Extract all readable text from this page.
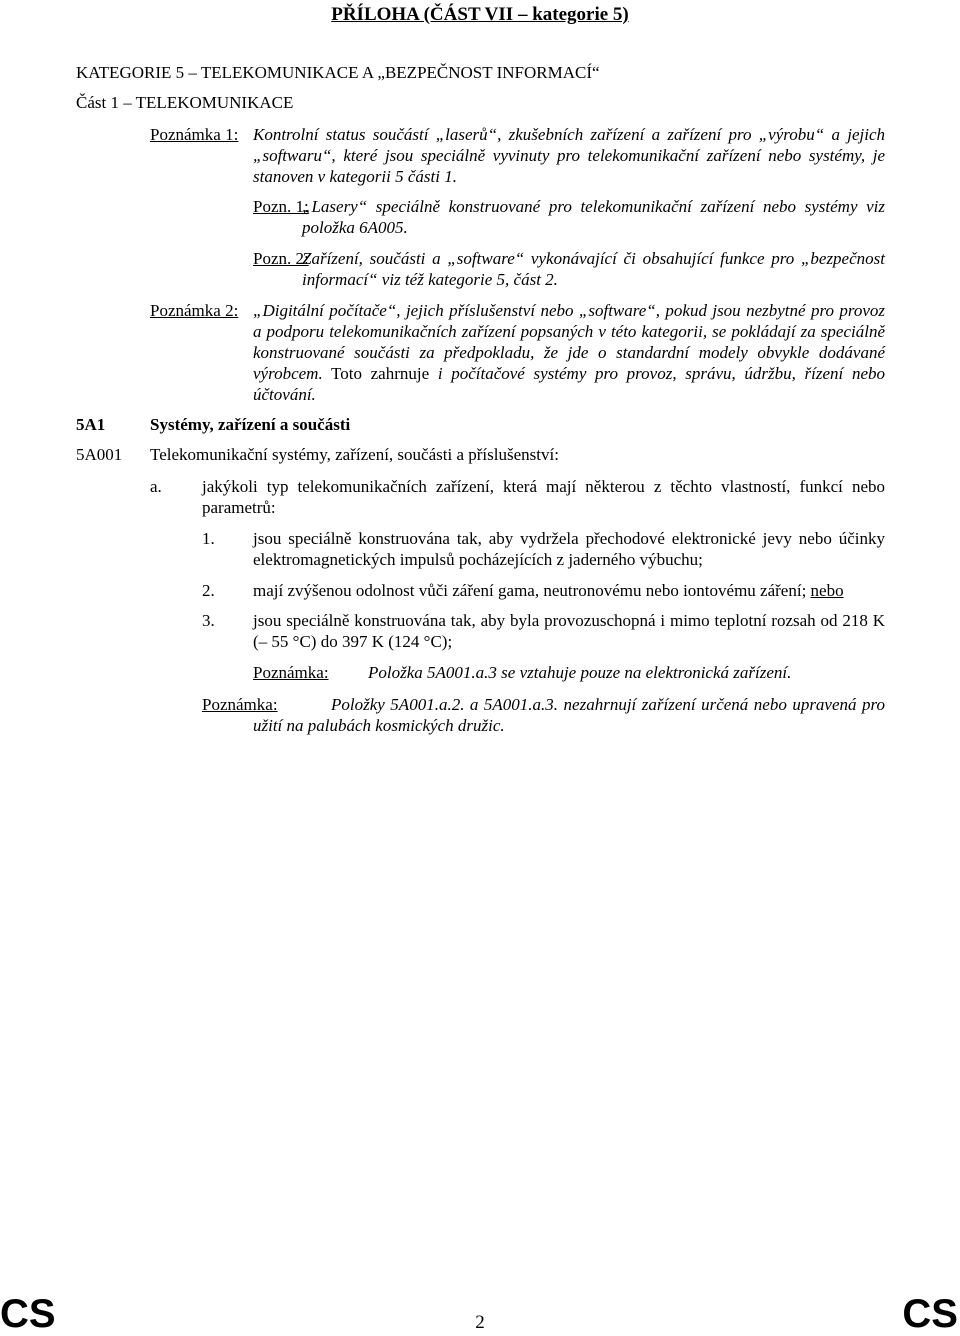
PŘÍLOHA (ČÁST VII – kategorie 5)
KATEGORIE 5 – TELEKOMUNIKACE A „BEZPEČNOST INFORMACÍ“
Část 1 – TELEKOMUNIKACE
Poznámka 1: Kontrolní status součástí „laserů“, zkušebních zařízení a zařízení pro „výrobu“ a jejich „softwaru“, které jsou speciálně vyvinuty pro telekomunikační zařízení nebo systémy, je stanoven v kategorii 5 části 1.
Pozn. 1:
„Lasery“ speciálně konstruované pro telekomunikační zařízení nebo systémy viz položka 6A005.
Pozn. 2:
Zařízení, součásti a „software“ vykonávající či obsahující funkce pro „bezpečnost informací“ viz též kategorie 5, část 2.
Poznámka 2: „Digitální počítače“, jejich příslušenství nebo „software“, pokud jsou nezbytné pro provoz a podporu telekomunikačních zařízení popsaných v této kategorii, se pokládají za speciálně konstruované součásti za předpokladu, že jde o standardní modely obvykle dodávané výrobcem. Toto zahrnuje i počítačové systémy pro provoz, správu, údržbu, řízení nebo účtování.
5A1	Systémy, zařízení a součásti
5A001 Telekomunikační systémy, zařízení, součásti a příslušenství:
a. jakýkoli typ telekomunikačních zařízení, která mají některou z těchto vlastností, funkcí nebo parametrů:
1. jsou speciálně konstruována tak, aby vydržela přechodové elektronické jevy nebo účinky elektromagnetických impulsů pocházejících z jaderného výbuchu;
2. mají zvýšenou odolnost vůči záření gama, neutronovému nebo iontovému záření; nebo
3. jsou speciálně konstruována tak, aby byla provozuschopná i mimo teplotní rozsah od 218 K (– 55 °C) do 397 K (124 °C);
Poznámka: Položka 5A001.a.3 se vztahuje pouze na elektronická zařízení.
Poznámka:	Položky 5A001.a.2. a 5A001.a.3. nezahrnují zařízení určená nebo upravená pro užití na palubách kosmických družic.
CS	2	CS
